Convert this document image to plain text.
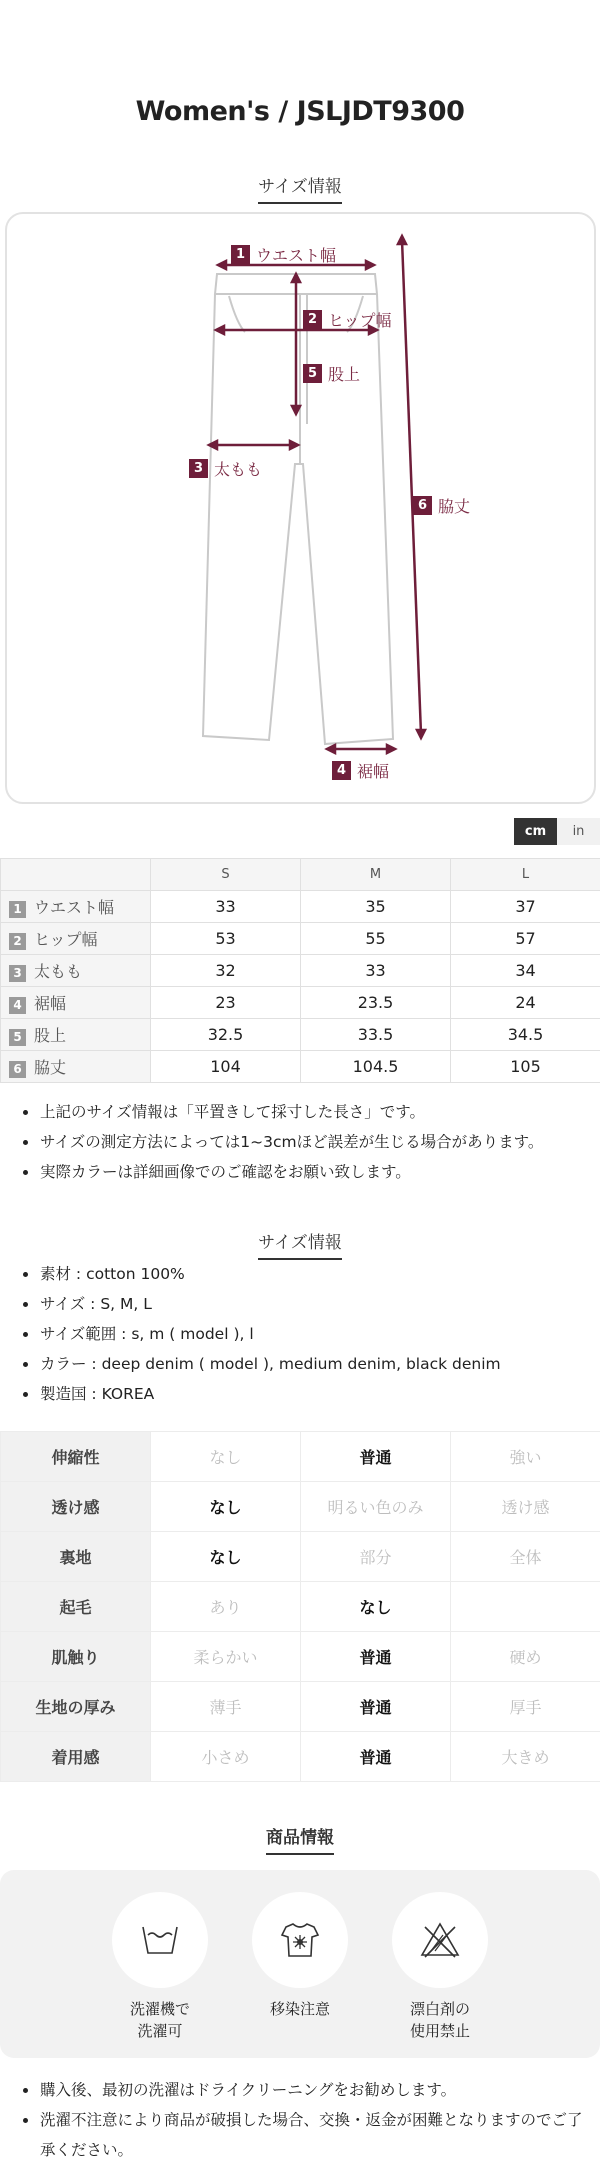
Women's / JSLJDT9300
サイズ情報
1 ウエスト幅
2 ヒップ幅
5 股上
3 太もも
6 脇丈
4 裾幅
cm	in
	S	M	L
1 ウエスト幅	33	35	37
2 ヒップ幅	53	55	57
3 太もも	32	33	34
4 裾幅	23	23.5	24
5 股上	32.5	33.5	34.5
6 脇丈	104	104.5	105
上記のサイズ情報は「平置きして採寸した長さ」です。
サイズの測定方法によっては1~3cmほど誤差が生じる場合があります。
実際カラーは詳細画像でのご確認をお願い致します。
サイズ情報
素材 : cotton 100%
サイズ : S, M, L
サイズ範囲 : s, m ( model ), l
カラー : deep denim ( model ), medium denim, black denim
製造国 : KOREA
伸縮性	なし	普通	強い
透け感	なし	明るい色のみ	透け感
裏地	なし	部分	全体
起毛	あり	なし	
肌触り	柔らかい	普通	硬め
生地の厚み	薄手	普通	厚手
着用感	小さめ	普通	大きめ
商品情報
洗濯機で
洗濯可
移染注意	漂白剤の
使用禁止
購入後、最初の洗濯はドライクリーニングをお勧めします。
洗濯不注意により商品が破損した場合、交換・返金が困難となりますのでご了承ください。
